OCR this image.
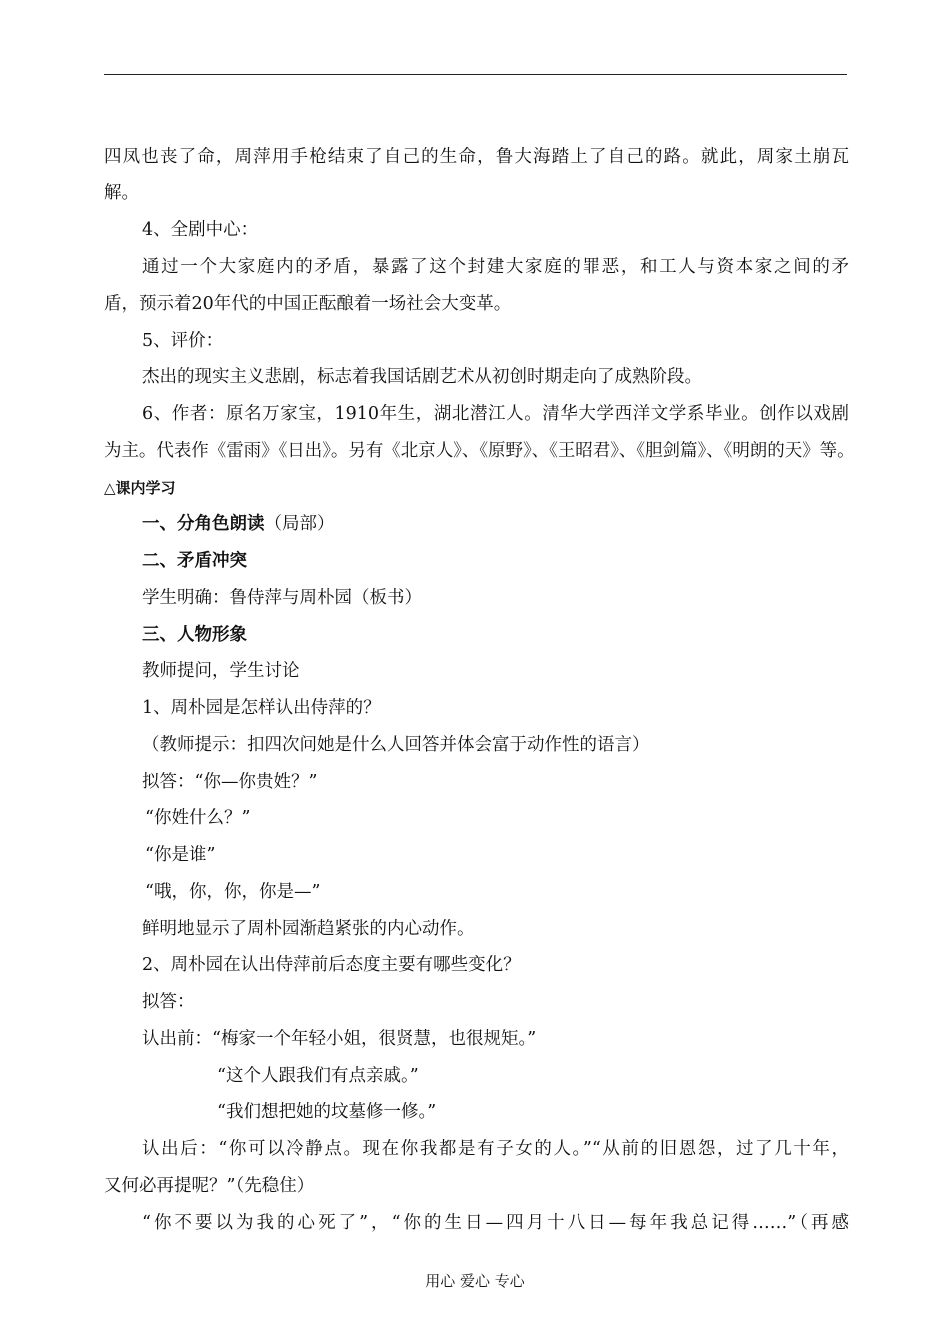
四凤也丧了命，周萍用手枪结束了自己的生命，鲁大海踏上了自己的路。就此，周家土崩瓦
解。
4、全剧中心：
通过一个大家庭内的矛盾，暴露了这个封建大家庭的罪恶，和工人与资本家之间的矛
盾，预示着20年代的中国正酝酿着一场社会大变革。
5、评价：
杰出的现实主义悲剧，标志着我国话剧艺术从初创时期走向了成熟阶段。
6、作者：原名万家宝，1910年生，湖北潜江人。清华大学西洋文学系毕业。创作以戏剧
为主。代表作《雷雨》《日出》。另有《北京人》、《原野》、《王昭君》、《胆剑篇》、《明朗的天》等。
△课内学习
一、分角色朗读（局部）
二、矛盾冲突
学生明确：鲁侍萍与周朴园（板书）
三、人物形象
教师提问，学生讨论
1、周朴园是怎样认出侍萍的？
（教师提示：扣四次问她是什么人回答并体会富于动作性的语言）
拟答：“你—你贵姓？”
“你姓什么？”
“你是谁”
“哦，你，你，你是—”
鲜明地显示了周朴园渐趋紧张的内心动作。
2、周朴园在认出侍萍前后态度主要有哪些变化？
拟答：
认出前：“梅家一个年轻小姐，很贤慧，也很规矩。”
“这个人跟我们有点亲戚。”
“我们想把她的坟墓修一修。”
认出后：“你可以冷静点。现在你我都是有子女的人。”“从前的旧恩怨，过了几十年，
又何必再提呢？”（先稳住）
“你不要以为我的心死了”，“你的生日—四月十八日—每年我总记得……”（再感
用心 爱心 专心
